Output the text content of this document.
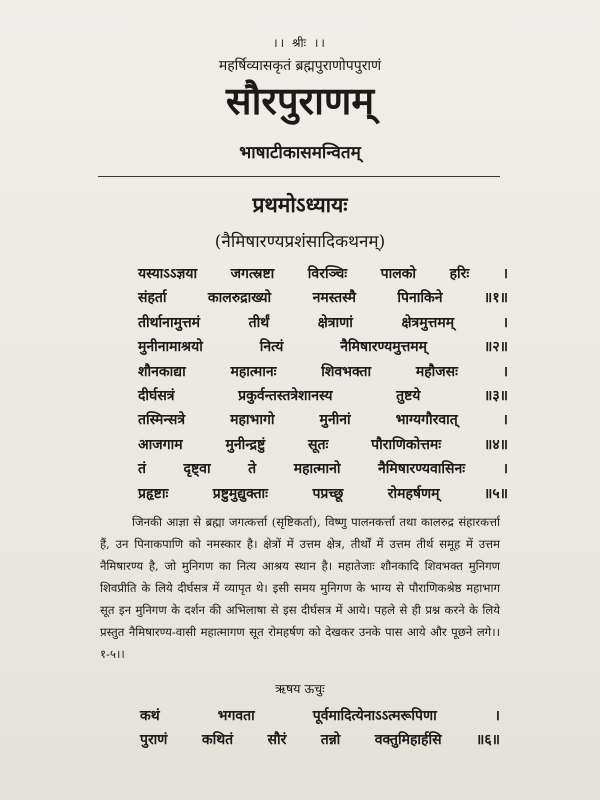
।। श्रीः ।।
महर्षिव्यासकृतं ब्रह्मपुराणोपपुराणं
सौरपुराणम्
भाषाटीकासमन्वितम्
प्रथमोऽध्यायः
(नैमिषारण्यप्रशंसादिकथनम्)
यस्याऽऽज्ञया जगत्स्रष्टा विरञ्चिः पालको हरिः ।
संहर्ता कालरुद्राख्यो नमस्तस्मै पिनाकिने ॥१॥
तीर्थानामुत्तमं तीर्थं क्षेत्राणां क्षेत्रमुत्तमम् ।
मुनीनामाश्रयो नित्यं नैमिषारण्यमुत्तमम् ॥२॥
शौनकाद्या महात्मानः शिवभक्ता महौजसः ।
दीर्घसत्रं प्रकुर्वन्तस्तत्रेशानस्य तुष्टये ॥३॥
तस्मिन्सत्रे महाभागो मुनीनां भाग्यगौरवात् ।
आजगाम मुनीन्द्रष्टुं सूतः पौराणिकोत्तमः ॥४॥
तं दृष्ट्वा ते महात्मानो नैमिषारण्यवासिनः ।
प्रहृष्टाः प्रष्टुमुद्युक्ताः पप्रच्छू रोमहर्षणम् ॥५॥

जिनकी आज्ञा से ब्रह्मा जगत्कर्त्ता (सृष्टिकर्ता), विष्णु पालनकर्त्ता तथा कालरुद्र संहारकर्त्ता हैं, उन पिनाकपाणि को नमस्कार है। क्षेत्रों में उत्तम क्षेत्र, तीर्थों में उत्तम तीर्थ समूह में उत्तम नैमिषारण्य है, जो मुनिगण का नित्य आश्रय स्थान है। महातेजाः शौनकादि शिवभक्त मुनिगण शिवप्रीति के लिये दीर्घसत्र में व्यापृत थे। इसी समय मुनिगण के भाग्य से पौराणिकश्रेष्ठ महाभाग सूत इन मुनिगण के दर्शन की अभिलाषा से इस दीर्घसत्र में आये। पहले से ही प्रश्न करने के लिये प्रस्तुत नैमिषारण्य-वासी महात्मागण सूत रोमहर्षण को देखकर उनके पास आये और पूछने लगे।।१-५।।

ऋषय ऊचुः
कथं भगवता पूर्वमादित्येनाऽऽत्मरूपिणा ।
पुराणं कथितं सौरं तन्नो वक्तुमिहार्हसि ॥६॥
